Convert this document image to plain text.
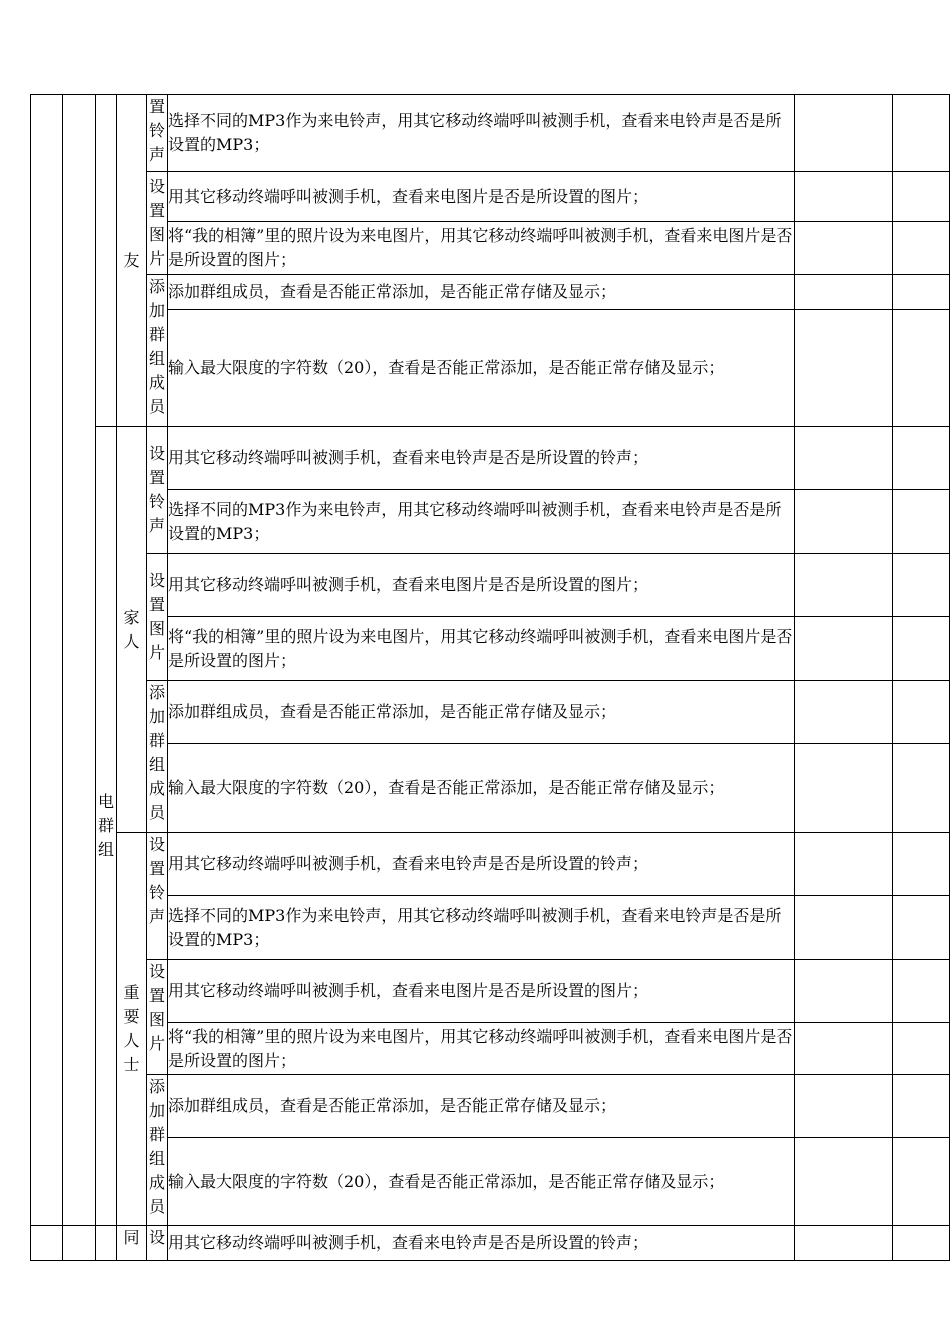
			友	置铃声	选择不同的MP3作为来电铃声，用其它移动终端呼叫被测手机，查看来电铃声是否是所设置的MP3；		
				设置图片	用其它移动终端呼叫被测手机，查看来电图片是否是所设置的图片；		
					将“我的相簿”里的照片设为来电图片，用其它移动终端呼叫被测手机，查看来电图片是否是所设置的图片；		
				添加群组成员	添加群组成员，查看是否能正常添加，是否能正常存储及显示；		
					输入最大限度的字符数（20），查看是否能正常添加，是否能正常存储及显示；		
		电群组	家人	设置铃声	用其它移动终端呼叫被测手机，查看来电铃声是否是所设置的铃声；		
					选择不同的MP3作为来电铃声，用其它移动终端呼叫被测手机，查看来电铃声是否是所设置的MP3；		
				设置图片	用其它移动终端呼叫被测手机，查看来电图片是否是所设置的图片；		
					将“我的相簿”里的照片设为来电图片，用其它移动终端呼叫被测手机，查看来电图片是否是所设置的图片；		
				添加群组成员	添加群组成员，查看是否能正常添加，是否能正常存储及显示；		
					输入最大限度的字符数（20），查看是否能正常添加，是否能正常存储及显示；		
			重要人士	设置铃声	用其它移动终端呼叫被测手机，查看来电铃声是否是所设置的铃声；		
					选择不同的MP3作为来电铃声，用其它移动终端呼叫被测手机，查看来电铃声是否是所设置的MP3；		
				设置图片	用其它移动终端呼叫被测手机，查看来电图片是否是所设置的图片；		
					将“我的相簿”里的照片设为来电图片，用其它移动终端呼叫被测手机，查看来电图片是否是所设置的图片；		
				添加群组成员	添加群组成员，查看是否能正常添加，是否能正常存储及显示；		
					输入最大限度的字符数（20），查看是否能正常添加，是否能正常存储及显示；		
			同	设	用其它移动终端呼叫被测手机，查看来电铃声是否是所设置的铃声；		
